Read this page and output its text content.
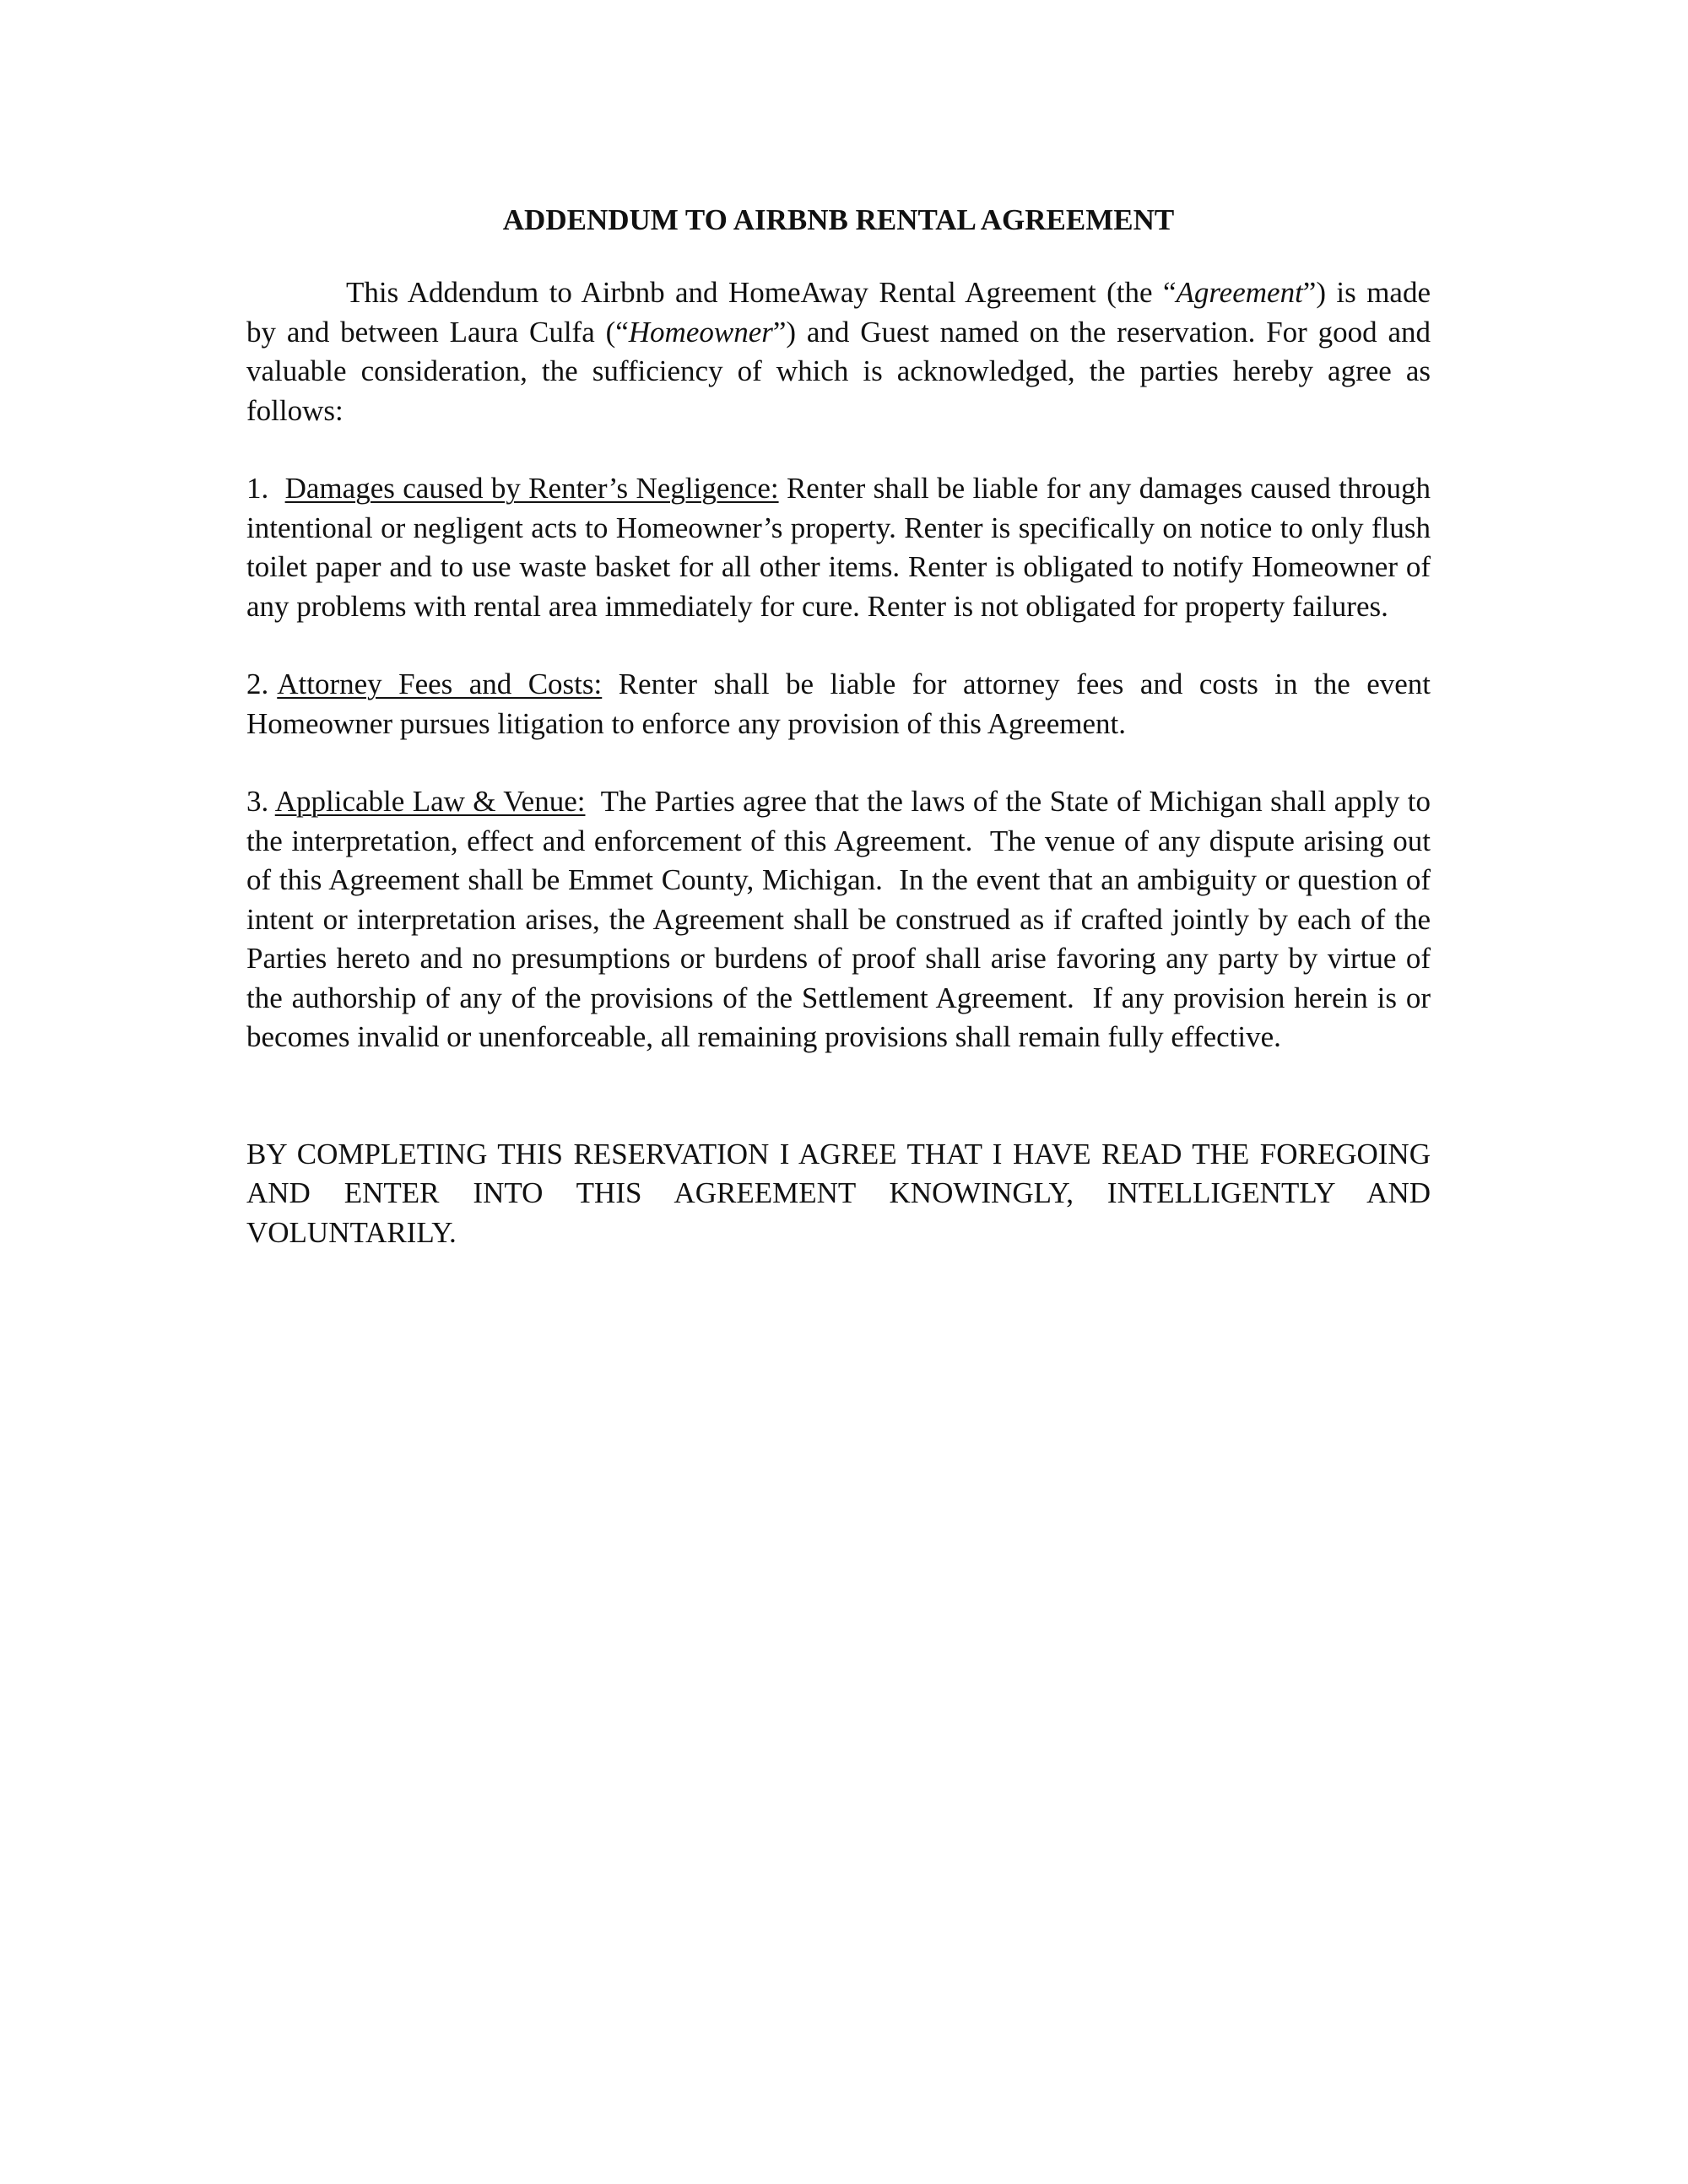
ADDENDUM TO AIRBNB RENTAL AGREEMENT

This Addendum to Airbnb and HomeAway Rental Agreement (the “Agreement”) is made by and between Laura Culfa (“Homeowner”) and Guest named on the reservation. For good and valuable consideration, the sufficiency of which is acknowledged, the parties hereby agree as follows:

1. Damages caused by Renter’s Negligence: Renter shall be liable for any damages caused through intentional or negligent acts to Homeowner’s property. Renter is specifically on notice to only flush toilet paper and to use waste basket for all other items. Renter is obligated to notify Homeowner of any problems with rental area immediately for cure. Renter is not obligated for property failures.

2. Attorney Fees and Costs: Renter shall be liable for attorney fees and costs in the event Homeowner pursues litigation to enforce any provision of this Agreement.

3. Applicable Law & Venue:  The Parties agree that the laws of the State of Michigan shall apply to the interpretation, effect and enforcement of this Agreement.  The venue of any dispute arising out of this Agreement shall be Emmet County, Michigan.  In the event that an ambiguity or question of intent or interpretation arises, the Agreement shall be construed as if crafted jointly by each of the Parties hereto and no presumptions or burdens of proof shall arise favoring any party by virtue of the authorship of any of the provisions of the Settlement Agreement.  If any provision herein is or becomes invalid or unenforceable, all remaining provisions shall remain fully effective.

BY COMPLETING THIS RESERVATION I AGREE THAT I HAVE READ THE FOREGOING AND ENTER INTO THIS AGREEMENT KNOWINGLY, INTELLIGENTLY AND VOLUNTARILY.
